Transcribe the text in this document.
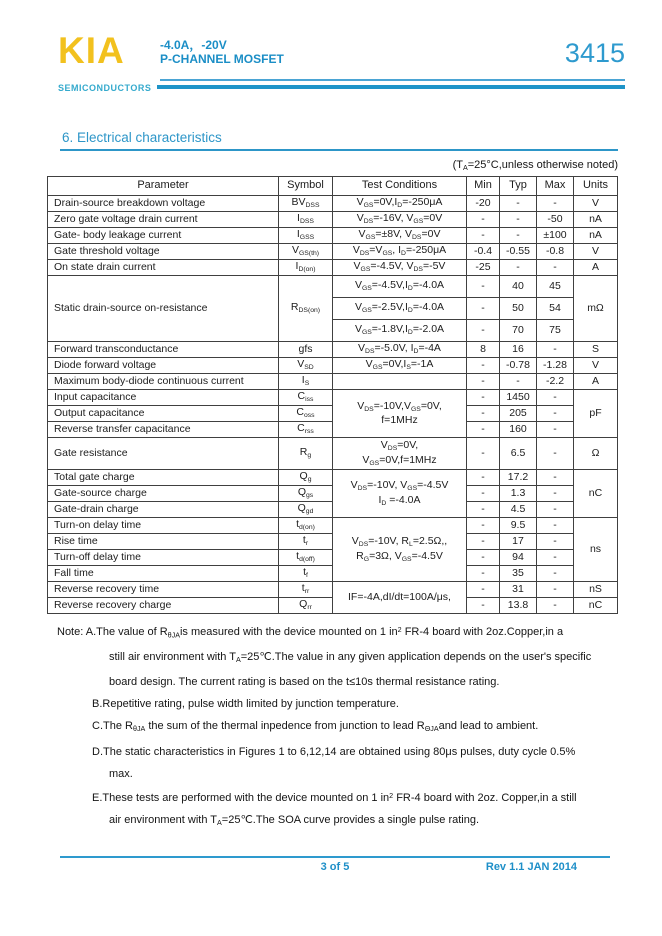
KIA
SEMICONDUCTORS
-4.0A，-20V
P-CHANNEL MOSFET	3415
6. Electrical characteristics
($T_A=25^\circ C,unless$ otherwise noted)
Parameter	Symbol	Test Conditions	Min	Typ	Max	Units
Drain-source breakdown voltage	$BV_{DSS}$	$V_{GS}=0V,I_D=-250\mu A$	-20	-	-	V
Zero gate voltage drain current	$I_{DSS}$	$V_{DS}=-16V$, $V_{GS}=0V$	-	-	-50	nA
Gate- body leakage current	$I_{GSS}$	$V_{GS}=\pm 8V$, $V_{DS}=0V$	-	-	±100	nA
Gate threshold voltage	$V_{GS(th)}$	$V_{DS}=V_{GS}$, $I_D=-250\mu A$	-0.4	-0.55	-0.8	V
On state drain current	$I_{D(on)}$	$V_{GS}=-4.5V$, $V_{DS}=-5V$	-25	-	-	A
Static drain-source on-resistance	$R_{DS(on)}$	$V_{GS}=-4.5V,I_D=-4.0A$	-	40	45	mΩ
		$V_{GS}=-2.5V,I_D=-4.0A$	-	50	54	
		$V_{GS}=-1.8V,I_D=-2.0A$	-	70	75	
Forward transconductance	gfs	$V_{DS}=-5.0V$, $I_D=-4A$	8	16	-	S
Diode forward voltage	$V_{SD}$	$V_{GS}=0V,I_S=-1A$	-	-0.78	-1.28	V
Maximum body-diode continuous current	$I_S$		-	-	-2.2	A
Input capacitance	$C_{iss}$	$V_{DS}=-10V,V_{GS}=0V$,
f=1MHz	-	1450	-	pF
Output capacitance	$C_{oss}$		-	205	-	
Reverse transfer capacitance	$C_{rss}$		-	160	-	
Gate resistance	$R_g$	$V_{DS}=0V$,
$V_{GS}=0V,f=1MHz$	-	6.5	-	Ω
Total gate charge	$Q_g$	$V_{DS}=-10V$, $V_{GS}=-4.5V$
$I_D =-4.0A$	-	17.2	-	nC
Gate-source charge	$Q_{gs}$		-	1.3	-	
Gate-drain charge	$Q_{gd}$		-	4.5	-	
Turn-on delay time	$t_{d(on)}$	$V_{DS}=-10V$, $R_L=2.5\Omega$,,
$R_G=3\Omega$, $V_{GS}=-4.5V$	-	9.5	-	ns
Rise time	$t_r$		-	17	-	
Turn-off delay time	$t_{d(off)}$		-	94	-	
Fall time	$t_f$		-	35	-	
Reverse recovery time	$t_{rr}$	IF=-4A,dI/dt=100A/μs,	-	31	-	nS
Reverse recovery charge	$Q_{rr}$		-	13.8	-	nC
Note: A.The value of $R_{\theta JA}is$ measured with the device mounted on 1 $in^2$ FR-4 board with 2oz.Copper,in a
still air environment with $T_A=25℃.The$ value in any given application depends on the user's specific
board design. The current rating is based on the t≤10s thermal resistance rating.
B.Repetitive rating, pulse width limited by junction temperature.
C.The $R_{\theta JA}$ the sum of the thermal inpedence from junction to lead $R_{\Theta JA}and$ lead to ambient.
D.The static characteristics in Figures 1 to 6,12,14 are obtained using 80μs pulses, duty cycle 0.5%
max.
E.These tests are performed with the device mounted on 1 $in^2$ FR-4 board with 2oz. Copper,in a still
air environment with $T_A=25℃.The$ SOA curve provides a single pulse rating.
3 of 5	Rev 1.1 JAN 2014
